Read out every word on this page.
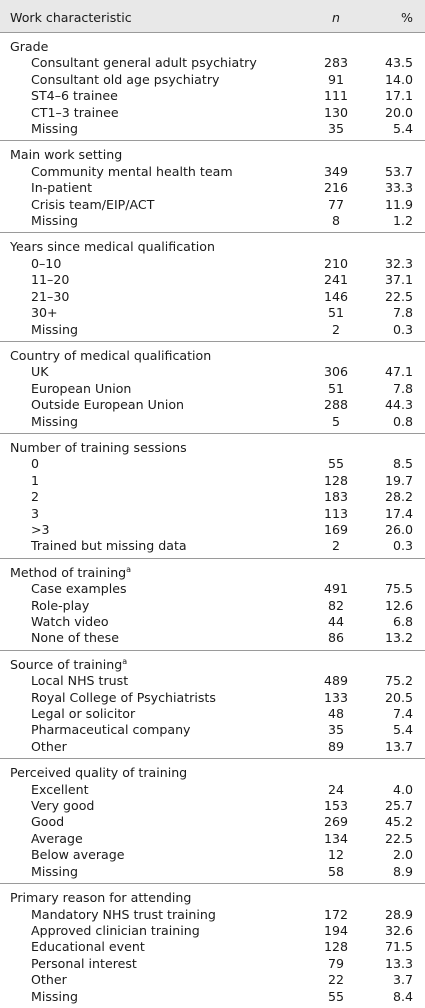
Work characteristic	n	%
Grade		
Consultant general adult psychiatry	283	43.5
Consultant old age psychiatry	91	14.0
ST4–6 trainee	111	17.1
CT1–3 trainee	130	20.0
Missing	35	5.4
Main work setting		
Community mental health team	349	53.7
In-patient	216	33.3
Crisis team/EIP/ACT	77	11.9
Missing	8	1.2
Years since medical qualification		
0–10	210	32.3
11–20	241	37.1
21–30	146	22.5
30+	51	7.8
Missing	2	0.3
Country of medical qualification		
UK	306	47.1
European Union	51	7.8
Outside European Union	288	44.3
Missing	5	0.8
Number of training sessions		
0	55	8.5
1	128	19.7
2	183	28.2
3	113	17.4
>3	169	26.0
Trained but missing data	2	0.3
Method of training$^a$
Case examples	491	75.5
Role-play	82	12.6
Watch video	44	6.8
None of these	86	13.2
Source of training$^a$
Local NHS trust	489	75.2
Royal College of Psychiatrists	133	20.5
Legal or solicitor	48	7.4
Pharmaceutical company	35	5.4
Other	89	13.7
Perceived quality of training		
Excellent	24	4.0
Very good	153	25.7
Good	269	45.2
Average	134	22.5
Below average	12	2.0
Missing	58	8.9
Primary reason for attending		
Mandatory NHS trust training	172	28.9
Approved clinician training	194	32.6
Educational event	128	71.5
Personal interest	79	13.3
Other	22	3.7
Missing	55	8.4
